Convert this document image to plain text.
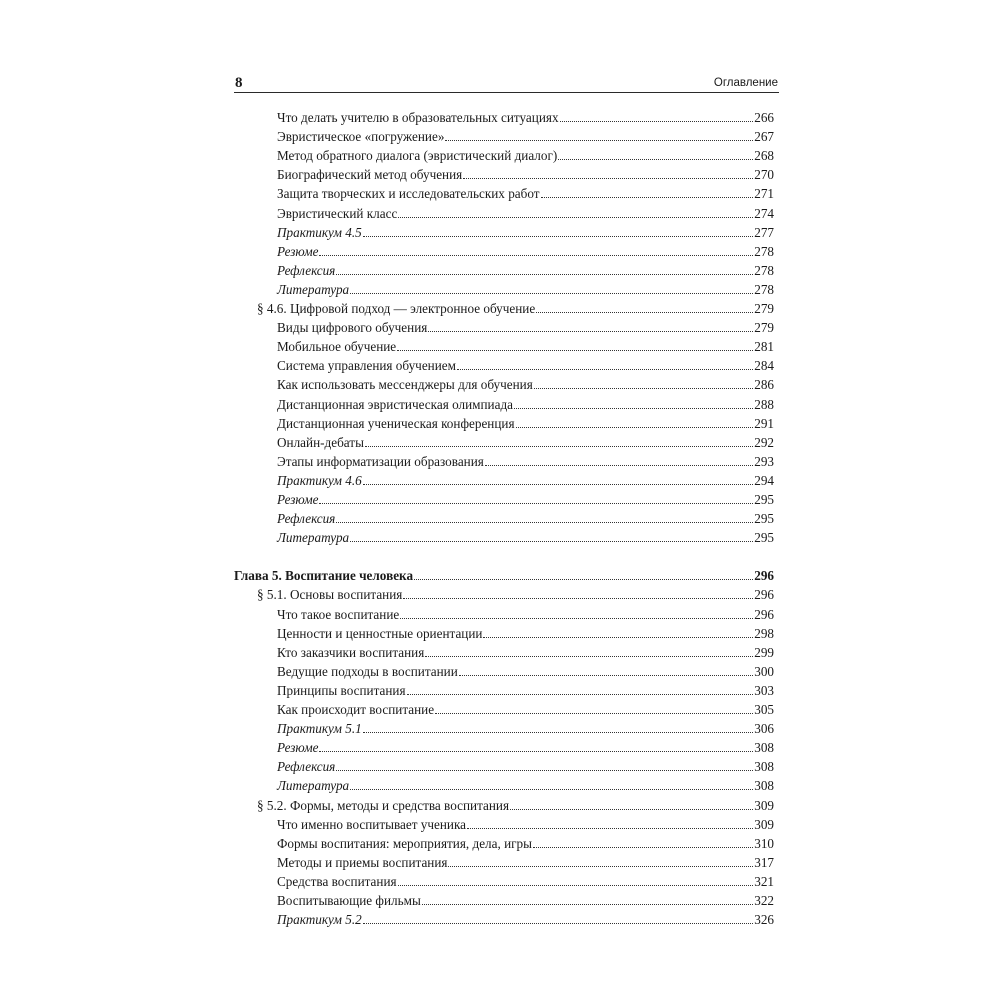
8	Оглавление
Что делать учителю в образовательных ситуациях	266
Эвристическое «погружение»	267
Метод обратного диалога (эвристический диалог)	268
Биографический метод обучения	270
Защита творческих и исследовательских работ	271
Эвристический класс	274
Практикум 4.5	277
Резюме	278
Рефлексия	278
Литература	278
§ 4.6. Цифровой подход — электронное обучение	279
Виды цифрового обучения	279
Мобильное обучение	281
Система управления обучением	284
Как использовать мессенджеры для обучения	286
Дистанционная эвристическая олимпиада	288
Дистанционная ученическая конференция	291
Онлайн-дебаты	292
Этапы информатизации образования	293
Практикум 4.6	294
Резюме	295
Рефлексия	295
Литература	295
Глава 5. Воспитание человека	296
§ 5.1. Основы воспитания	296
Что такое воспитание	296
Ценности и ценностные ориентации	298
Кто заказчики воспитания	299
Ведущие подходы в воспитании	300
Принципы воспитания	303
Как происходит воспитание	305
Практикум 5.1	306
Резюме	308
Рефлексия	308
Литература	308
§ 5.2. Формы, методы и средства воспитания	309
Что именно воспитывает ученика	309
Формы воспитания: мероприятия, дела, игры	310
Методы и приемы воспитания	317
Средства воспитания	321
Воспитывающие фильмы	322
Практикум 5.2	326
